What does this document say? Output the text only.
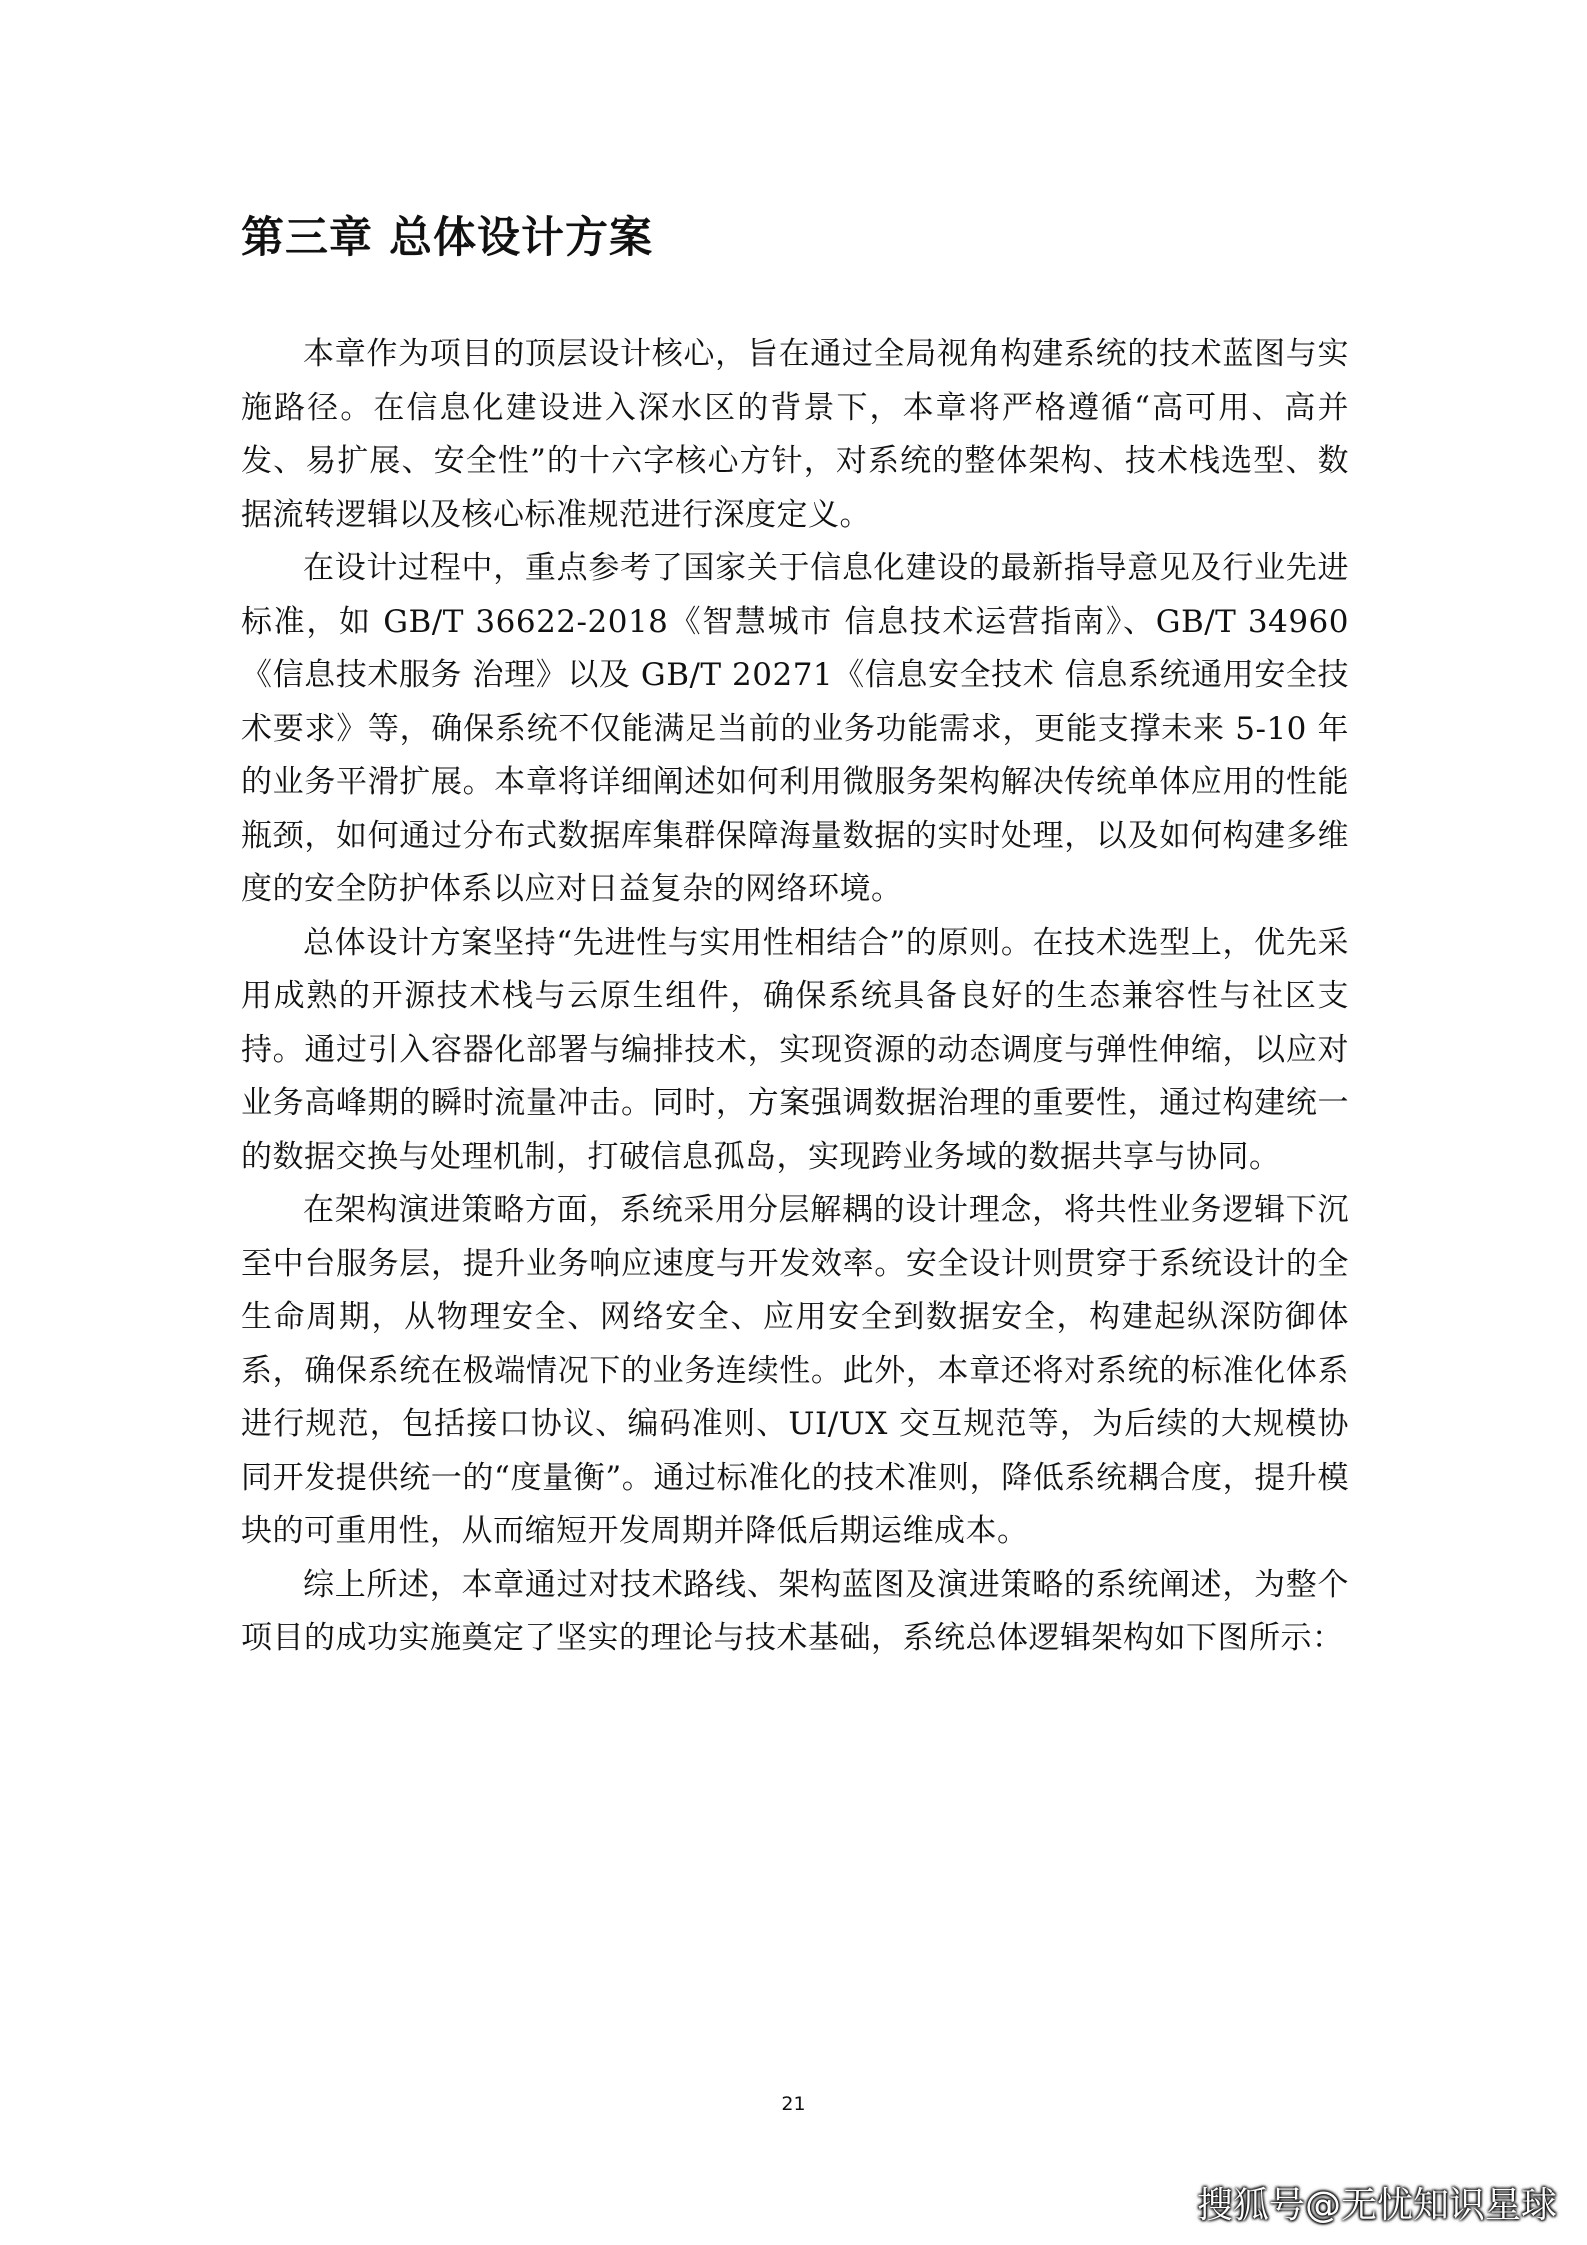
第三章 总体设计方案

本章作为项目的顶层设计核心，旨在通过全局视角构建系统的技术蓝图与实施路径。在信息化建设进入深水区的背景下，本章将严格遵循“高可用、高并发、易扩展、安全性”的十六字核心方针，对系统的整体架构、技术栈选型、数据流转逻辑以及核心标准规范进行深度定义。

在设计过程中，重点参考了国家关于信息化建设的最新指导意见及行业先进标准，如 GB/T 36622-2018《智慧城市 信息技术运营指南》、GB/T 34960《信息技术服务 治理》以及 GB/T 20271《信息安全技术 信息系统通用安全技术要求》等，确保系统不仅能满足当前的业务功能需求，更能支撑未来 5-10 年的业务平滑扩展。本章将详细阐述如何利用微服务架构解决传统单体应用的性能瓶颈，如何通过分布式数据库集群保障海量数据的实时处理，以及如何构建多维度的安全防护体系以应对日益复杂的网络环境。

总体设计方案坚持“先进性与实用性相结合”的原则。在技术选型上，优先采用成熟的开源技术栈与云原生组件，确保系统具备良好的生态兼容性与社区支持。通过引入容器化部署与编排技术，实现资源的动态调度与弹性伸缩，以应对业务高峰期的瞬时流量冲击。同时，方案强调数据治理的重要性，通过构建统一的数据交换与处理机制，打破信息孤岛，实现跨业务域的数据共享与协同。

在架构演进策略方面，系统采用分层解耦的设计理念，将共性业务逻辑下沉至中台服务层，提升业务响应速度与开发效率。安全设计则贯穿于系统设计的全生命周期，从物理安全、网络安全、应用安全到数据安全，构建起纵深防御体系，确保系统在极端情况下的业务连续性。此外，本章还将对系统的标准化体系进行规范，包括接口协议、编码准则、UI/UX 交互规范等，为后续的大规模协同开发提供统一的“度量衡”。通过标准化的技术准则，降低系统耦合度，提升模块的可重用性，从而缩短开发周期并降低后期运维成本。

综上所述，本章通过对技术路线、架构蓝图及演进策略的系统阐述，为整个项目的成功实施奠定了坚实的理论与技术基础，系统总体逻辑架构如下图所示：

21
搜狐号@无忧知识星球
